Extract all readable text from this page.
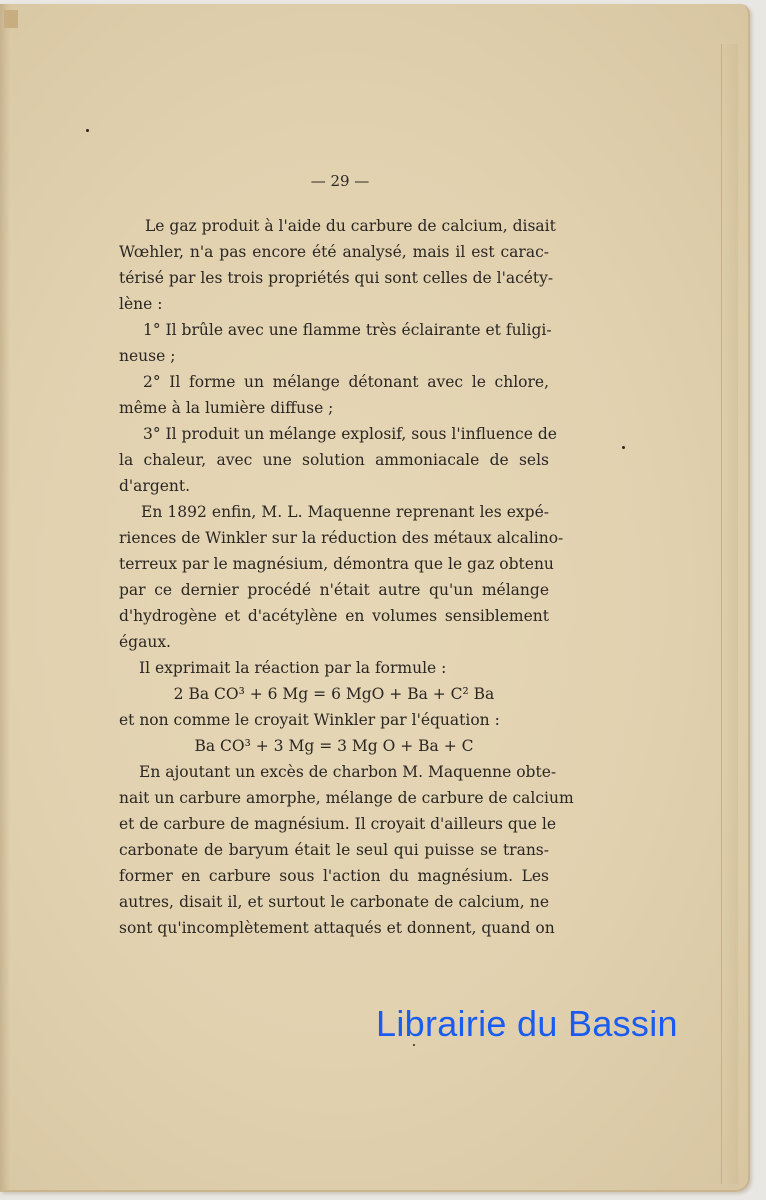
— 29 —
Le gaz produit à l'aide du carbure de calcium, disait
Wœhler, n'a pas encore été analysé, mais il est carac-
térisé par les trois propriétés qui sont celles de l'acéty-
lène :
1° Il brûle avec une flamme très éclairante et fuligi-
neuse ;
2° Il forme un mélange détonant avec le chlore,
même à la lumière diffuse ;
3° Il produit un mélange explosif, sous l'influence de
la chaleur, avec une solution ammoniacale de sels
d'argent.
En 1892 enfin, M. L. Maquenne reprenant les expé-
riences de Winkler sur la réduction des métaux alcalino-
terreux par le magnésium, démontra que le gaz obtenu
par ce dernier procédé n'était autre qu'un mélange
d'hydrogène et d'acétylène en volumes sensiblement
égaux.
Il exprimait la réaction par la formule :
2 Ba CO³ + 6 Mg = 6 MgO + Ba + C² Ba
et non comme le croyait Winkler par l'équation :
Ba CO³ + 3 Mg = 3 Mg O + Ba + C
En ajoutant un excès de charbon M. Maquenne obte-
nait un carbure amorphe, mélange de carbure de calcium
et de carbure de magnésium. Il croyait d'ailleurs que le
carbonate de baryum était le seul qui puisse se trans-
former en carbure sous l'action du magnésium. Les
autres, disait il, et surtout le carbonate de calcium, ne
sont qu'incomplètement attaqués et donnent, quand on
Librairie du Bassin
